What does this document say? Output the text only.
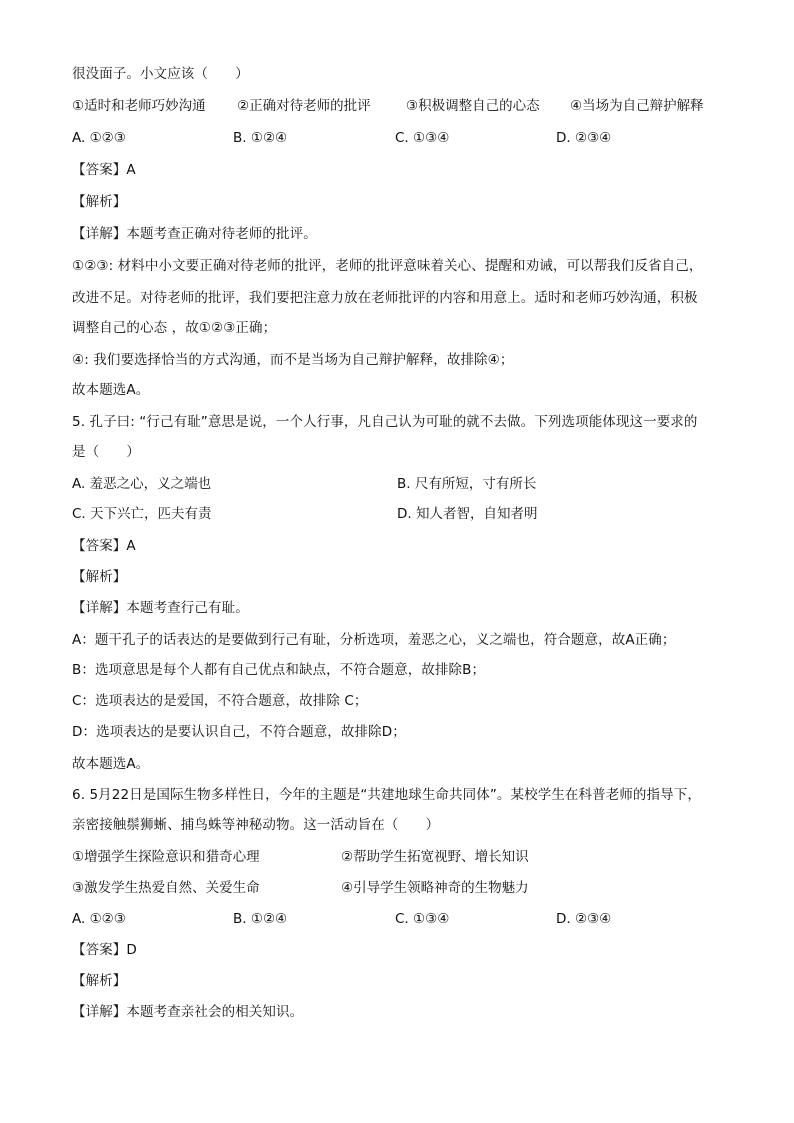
很没面子。小文应该（　　）
①适时和老师巧妙沟通 ②正确对待老师的批评	③积极调整自己的心态 ④当场为自己辩护解释
A. ①②③	B. ①②④	C. ①③④	D. ②③④
【答案】A
【解析】
【详解】本题考查正确对待老师的批评。
①②③: 材料中小文要正确对待老师的批评，老师的批评意味着关心、提醒和劝诫，可以帮我们反省自己，
改进不足。对待老师的批评，我们要把注意力放在老师批评的内容和用意上。适时和老师巧妙沟通，积极
调整自己的心态 ，故①②③正确；
④: 我们要选择恰当的方式沟通，而不是当场为自己辩护解释，故排除④；
故本题选A。
5. 孔子曰: “行己有耻”意思是说，一个人行事，凡自己认为可耻的就不去做。下列选项能体现这一要求的
是（　　）
A. 羞恶之心，义之端也	B. 尺有所短，寸有所长
C. 天下兴亡，匹夫有责	D. 知人者智，自知者明
【答案】A
【解析】
【详解】本题考查行己有耻。
A：题干孔子的话表达的是要做到行己有耻，分析选项，羞恶之心，义之端也，符合题意，故A正确；
B：选项意思是每个人都有自己优点和缺点，不符合题意，故排除B；
C：选项表达的是爱国，不符合题意，故排除 C；
D：选项表达的是要认识自己，不符合题意，故排除D；
故本题选A。
6. 5月22日是国际生物多样性日，今年的主题是“共建地球生命共同体”。某校学生在科普老师的指导下，
亲密接触鬃狮蜥、捕鸟蛛等神秘动物。这一活动旨在（　　）
①增强学生探险意识和猎奇心理	②帮助学生拓宽视野、增长知识
③激发学生热爱自然、关爱生命	④引导学生领略神奇的生物魅力
A. ①②③	B. ①②④	C. ①③④	D. ②③④
【答案】D
【解析】
【详解】本题考查亲社会的相关知识。
